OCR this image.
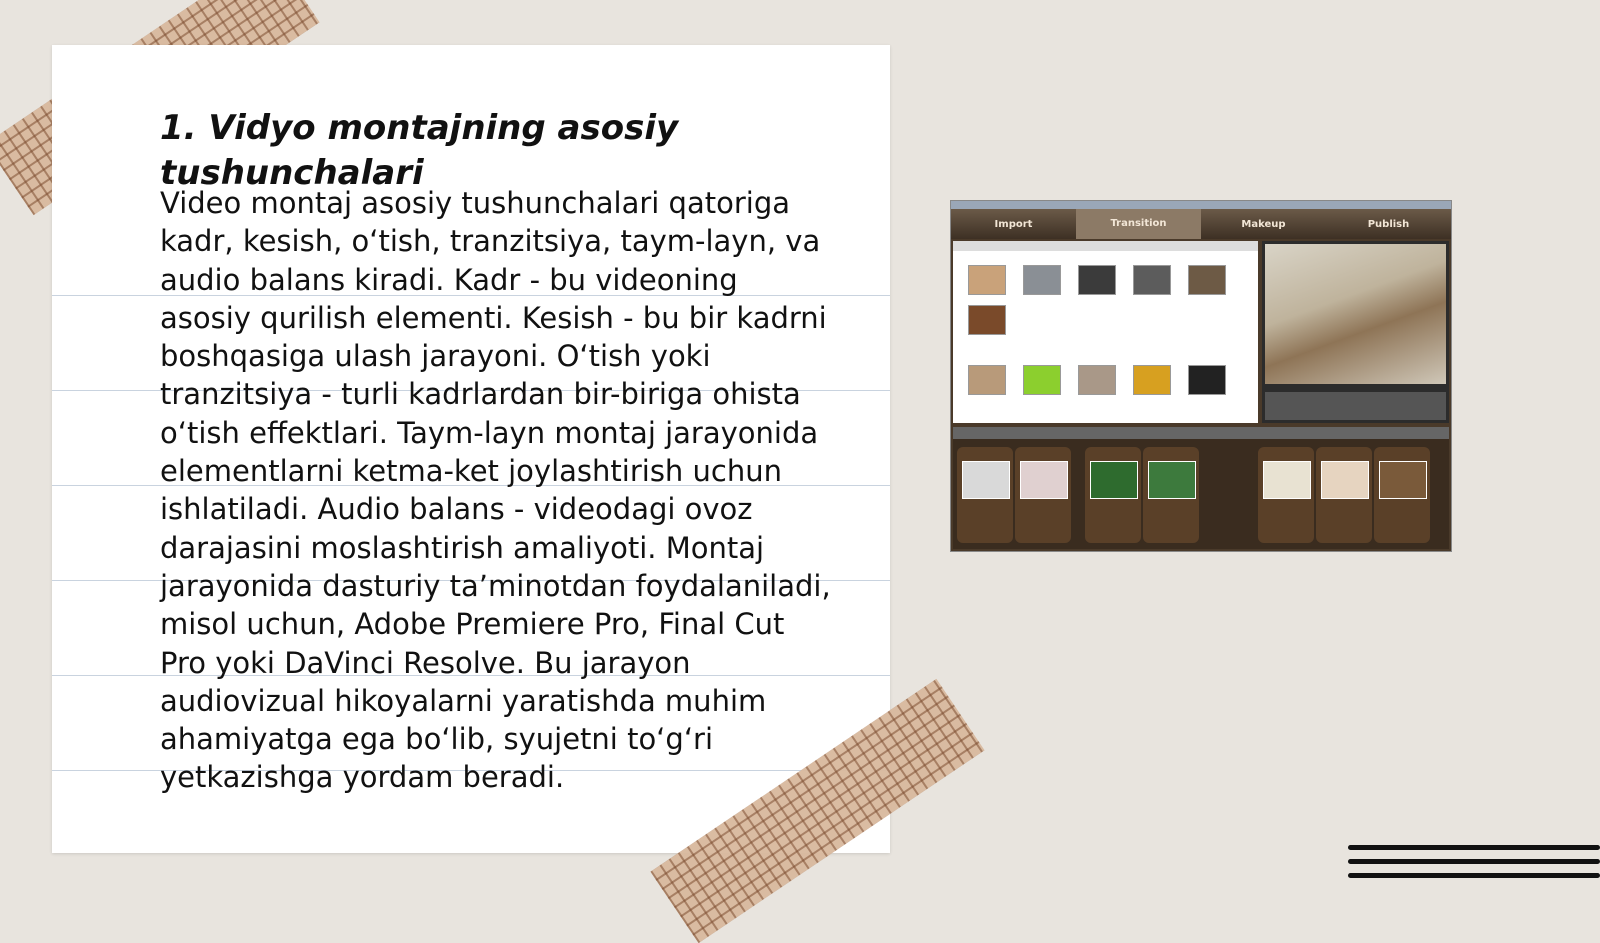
1. Vidyo montajning asosiy tushunchalari

Video montaj asosiy tushunchalari qatoriga kadr, kesish, o‘tish, tranzitsiya, taym-layn, va audio balans kiradi. Kadr - bu videoning asosiy qurilish elementi. Kesish - bu bir kadrni boshqasiga ulash jarayoni. O‘tish yoki tranzitsiya - turli kadrlardan bir-biriga ohista o‘tish effektlari. Taym-layn montaj jarayonida elementlarni ketma-ket joylashtirish uchun ishlatiladi. Audio balans - videodagi ovoz darajasini moslashtirish amaliyoti. Montaj jarayonida dasturiy ta’minotdan foydalaniladi, misol uchun, Adobe Premiere Pro, Final Cut Pro yoki DaVinci Resolve. Bu jarayon audiovizual hikoyalarni yaratishda muhim ahamiyatga ega bo‘lib, syujetni to‘g‘ri yetkazishga yordam beradi.

Import	Transition	Makeup	Publish
